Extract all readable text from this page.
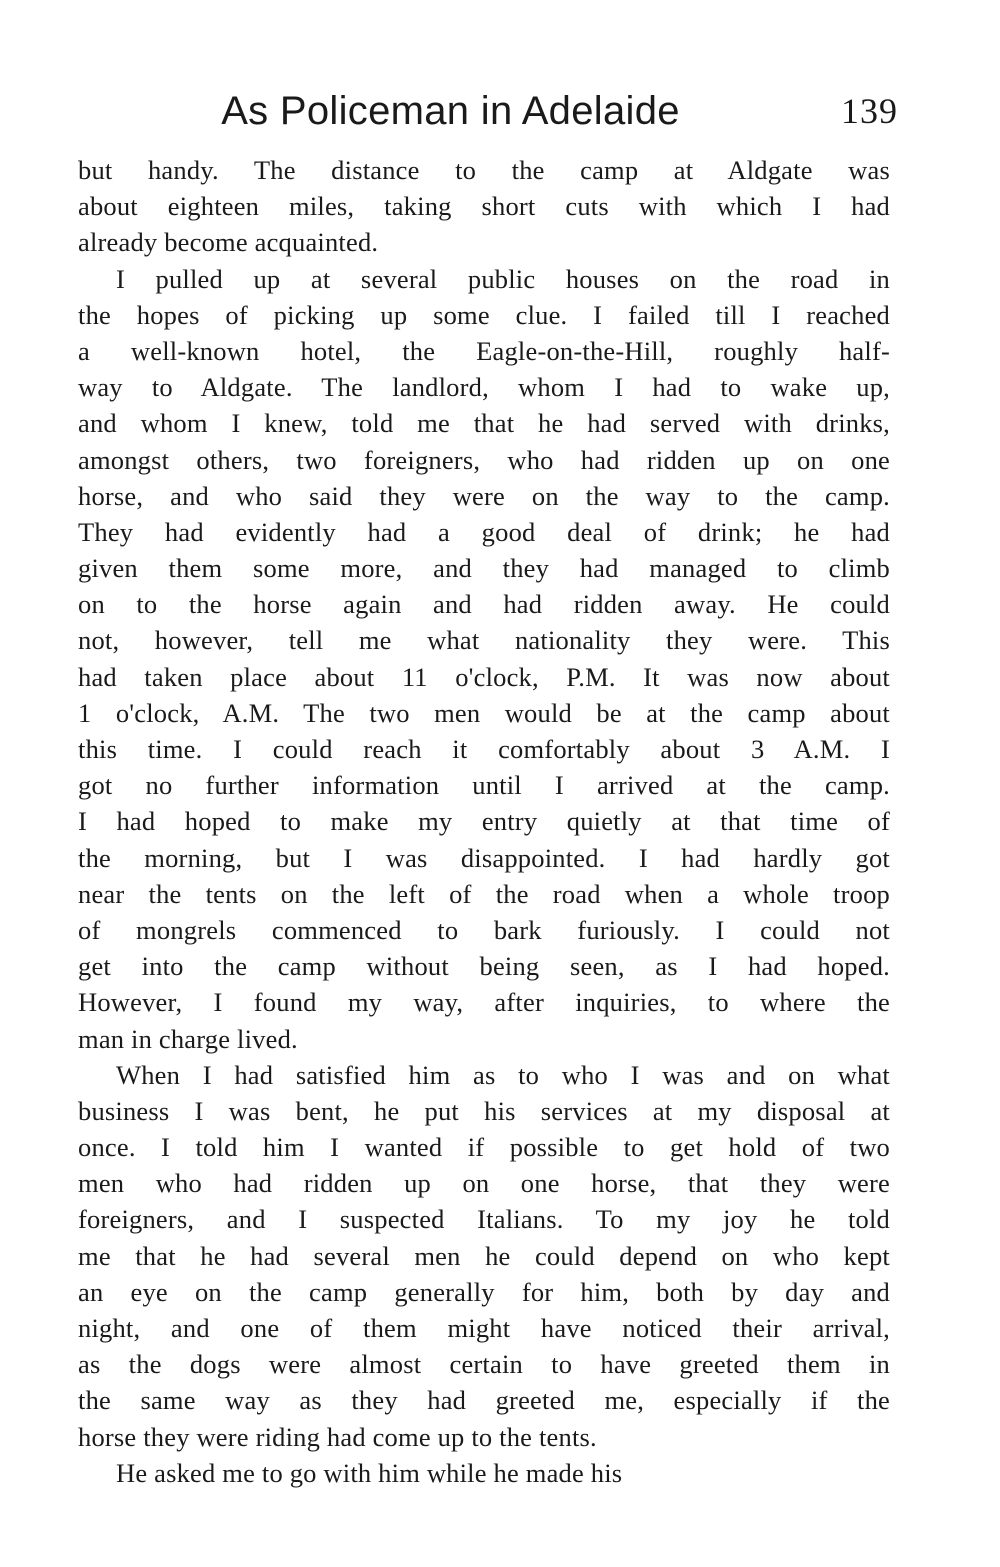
As Policeman in Adelaide	139
but handy. The distance to the camp at Aldgate was
about eighteen miles, taking short cuts with which I had
already become acquainted.
I pulled up at several public houses on the road in
the hopes of picking up some clue. I failed till I reached
a well-known hotel, the Eagle-on-the-Hill, roughly half-
way to Aldgate. The landlord, whom I had to wake up,
and whom I knew, told me that he had served with drinks,
amongst others, two foreigners, who had ridden up on one
horse, and who said they were on the way to the camp.
They had evidently had a good deal of drink; he had
given them some more, and they had managed to climb
on to the horse again and had ridden away. He could
not, however, tell me what nationality they were. This
had taken place about 11 o'clock, P.M. It was now about
1 o'clock, A.M. The two men would be at the camp about
this time. I could reach it comfortably about 3 A.M. I
got no further information until I arrived at the camp.
I had hoped to make my entry quietly at that time of
the morning, but I was disappointed. I had hardly got
near the tents on the left of the road when a whole troop
of mongrels commenced to bark furiously. I could not
get into the camp without being seen, as I had hoped.
However, I found my way, after inquiries, to where the
man in charge lived.
When I had satisfied him as to who I was and on what
business I was bent, he put his services at my disposal at
once. I told him I wanted if possible to get hold of two
men who had ridden up on one horse, that they were
foreigners, and I suspected Italians. To my joy he told
me that he had several men he could depend on who kept
an eye on the camp generally for him, both by day and
night, and one of them might have noticed their arrival,
as the dogs were almost certain to have greeted them in
the same way as they had greeted me, especially if the
horse they were riding had come up to the tents.
He asked me to go with him while he made his
